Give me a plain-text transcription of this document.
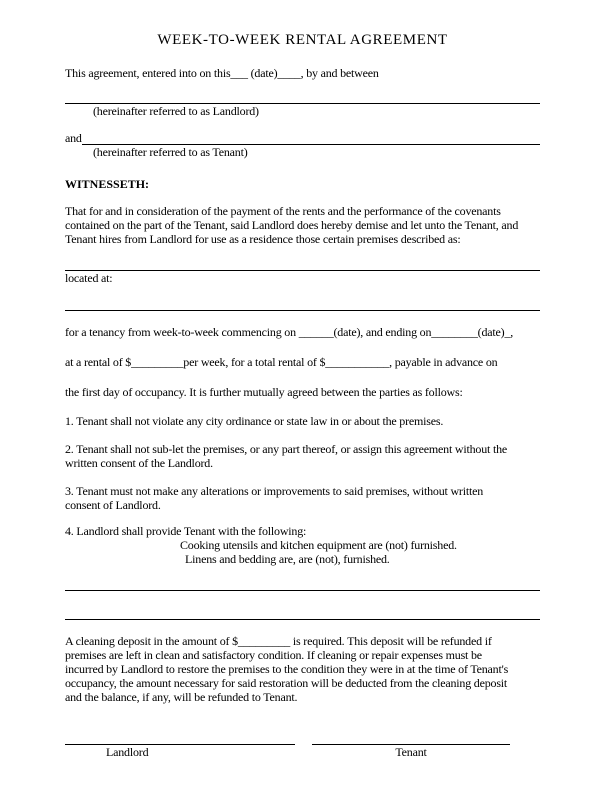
WEEK-TO-WEEK RENTAL AGREEMENT
This agreement, entered into on this___ (date)____, by and between
(hereinafter referred to as Landlord)
and
(hereinafter referred to as Tenant)
WITNESSETH:
That for and in consideration of the payment of the rents and the performance of the covenants
contained on the part of the Tenant, said Landlord does hereby demise and let unto the Tenant, and
Tenant hires from Landlord for use as a residence those certain premises described as:
located at:
for a tenancy from week-to-week commencing on ______(date), and ending on________(date)_,
at a rental of $_________per week, for a total rental of $___________, payable in advance on
the first day of occupancy. It is further mutually agreed between the parties as follows:
1. Tenant shall not violate any city ordinance or state law in or about the premises.
2. Tenant shall not sub-let the premises, or any part thereof, or assign this agreement without the
written consent of the Landlord.
3. Tenant must not make any alterations or improvements to said premises, without written
consent of Landlord.
4. Landlord shall provide Tenant with the following:
Cooking utensils and kitchen equipment are (not) furnished.
Linens and bedding are, are (not), furnished.
A cleaning deposit in the amount of $_________ is required. This deposit will be refunded if
premises are left in clean and satisfactory condition. If cleaning or repair expenses must be
incurred by Landlord to restore the premises to the condition they were in at the time of Tenant's
occupancy, the amount necessary for said restoration will be deducted from the cleaning deposit
and the balance, if any, will be refunded to Tenant.
Landlord	Tenant
